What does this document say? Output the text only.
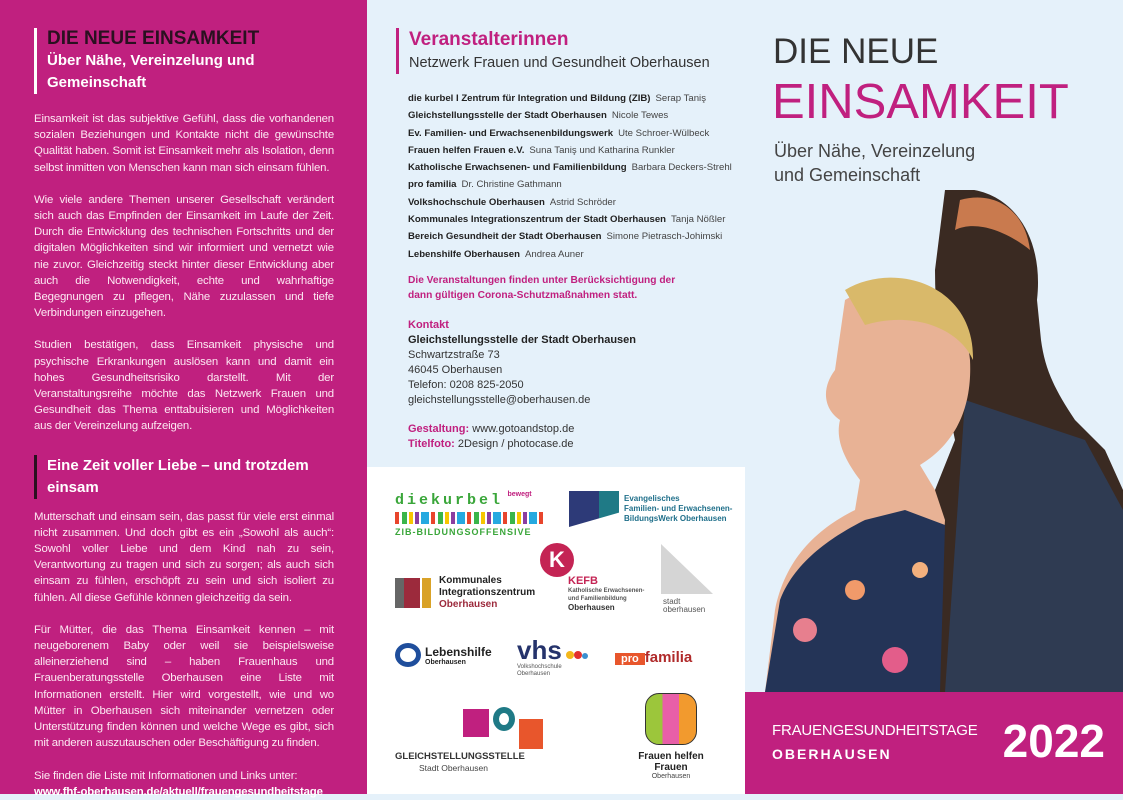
DIE NEUE EINSAMKEIT
Über Nähe, Vereinzelung und Gemeinschaft

Einsamkeit ist das subjektive Gefühl, dass die vorhandenen sozialen Beziehungen und Kontakte nicht die gewünschte Qualität haben. Somit ist Einsamkeit mehr als Isolation, denn selbst inmitten von Menschen kann man sich einsam fühlen.

Wie viele andere Themen unserer Gesellschaft verändert sich auch das Empfinden der Einsamkeit im Laufe der Zeit. Durch die Entwicklung des technischen Fortschritts und der digitalen Möglichkeiten sind wir informiert und vernetzt wie nie zuvor. Gleichzeitig steckt hinter dieser Entwicklung aber auch die Notwendigkeit, echte und wahrhaftige Begegnungen zu pflegen, Nähe zuzulassen und tiefe Verbindungen einzugehen.

Studien bestätigen, dass Einsamkeit physische und psychische Erkrankungen auslösen kann und damit ein hohes Gesundheitsrisiko darstellt. Mit der Veranstaltungsreihe möchte das Netzwerk Frauen und Gesundheit das Thema enttabuisieren und Möglichkeiten aus der Vereinzelung aufzeigen.

Eine Zeit voller Liebe – und trotzdem einsam

Mutterschaft und einsam sein, das passt für viele erst einmal nicht zusammen. Und doch gibt es ein „Sowohl als auch“: Sowohl voller Liebe und dem Kind nah zu sein, Verantwortung zu tragen und sich zu sorgen; als auch sich einsam zu fühlen, erschöpft zu sein und sich isoliert zu fühlen. All diese Gefühle können gleichzeitig da sein.

Für Mütter, die das Thema Einsamkeit kennen – mit neugeborenem Baby oder weil sie beispielsweise alleinerziehend sind – haben Frauenhaus und Frauenberatungsstelle Oberhausen eine Liste mit Informationen erstellt. Hier wird vorgestellt, wie und wo Mütter in Oberhausen sich miteinander vernetzen oder Unterstützung finden können und welche Wege es gibt, sich mit anderen auszutauschen oder Beschäftigung zu finden.

Sie finden die Liste mit Informationen und Links unter:
www.fhf-oberhausen.de/aktuell/frauengesundheitstage
Veranstalterinnen
Netzwerk Frauen und Gesundheit Oberhausen
die kurbel I Zentrum für Integration und Bildung (ZIB) Serap Taniş
Gleichstellungsstelle der Stadt Oberhausen Nicole Tewes
Ev. Familien- und Erwachsenenbildungswerk Ute Schroer-Wülbeck
Frauen helfen Frauen e.V. Suna Taniş und Katharina Runkler
Katholische Erwachsenen- und Familienbildung Barbara Deckers-Strehl
pro familia Dr. Christine Gathmann
Volkshochschule Oberhausen Astrid Schröder
Kommunales Integrationszentrum der Stadt Oberhausen Tanja Nößler
Bereich Gesundheit der Stadt Oberhausen Simone Pietrasch-Johimski
Lebenshilfe Oberhausen Andrea Auner
Die Veranstaltungen finden unter Berücksichtigung der
dann gültigen Corona-Schutzmaßnahmen statt.
Kontakt
Gleichstellungsstelle der Stadt Oberhausen
Schwartzstraße 73
46045 Oberhausen
Telefon: 0208 825-2050
gleichstellungsstelle@oberhausen.de
Gestaltung: www.gotoandstop.de
Titelfoto: 2Design / photocase.de
diekurbel $^{bewegt}$
ZIB-BILDUNGSOFFENSIVE
Evangelisches
Familien- und Erwachsenen-
BildungsWerk Oberhausen
Kommunales
Integrationszentrum
Oberhausen
K
KEFB
Katholische Erwachsenen-
und Familienbildung
Oberhausen
stadt
oberhausen
Lebenshilfe
Oberhausen	vhs
Volkshochschule
Oberhausen
pro familia
GLEICHSTELLUNGSSTELLE
Stadt Oberhausen
Frauen helfen Frauen
Oberhausen
DIE NEUE
EINSAMKEIT
Über Nähe, Vereinzelung
und Gemeinschaft
FRAUENGESUNDHEITSTAGE
OBERHAUSEN 2022
